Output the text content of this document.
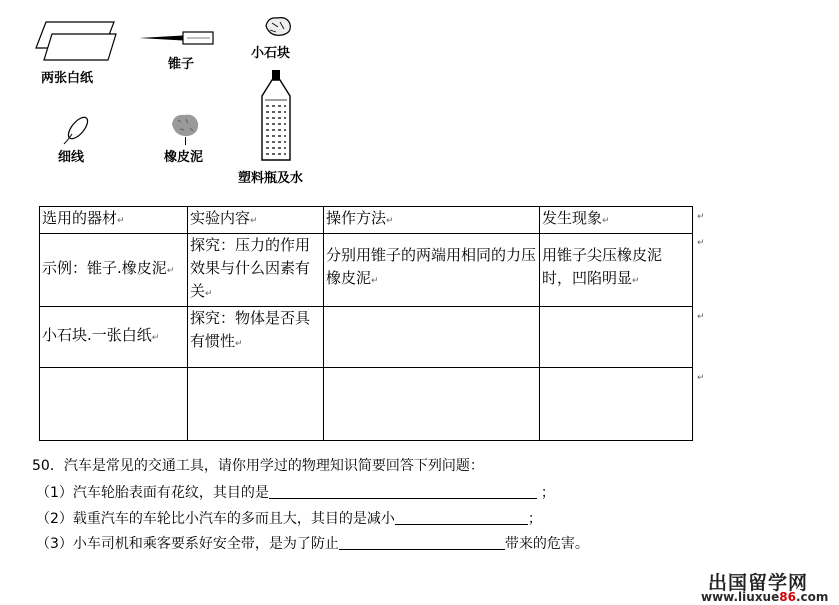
两张白纸
锥子
小石块
细线	橡皮泥
塑料瓶及水
选用的器材↵	实验内容↵	操作方法↵	发生现象↵
示例：锥子.橡皮泥↵	探究：压力的作用效果与什么因素有关↵	分别用锥子的两端用相同的力压橡皮泥↵	用锥子尖压橡皮泥时，凹陷明显↵
小石块.一张白纸↵	探究：物体是否具有惯性↵		

↵
↵
↵
↵
50．汽车是常见的交通工具，请你用学过的物理知识简要回答下列问题：
（1）汽车轮胎表面有花纹，其目的是	；
（2）载重汽车的车轮比小汽车的多而且大，其目的是减小	；
（3）小车司机和乘客要系好安全带，是为了防止	带来的危害。
出国留学网
www.liuxue86.com
